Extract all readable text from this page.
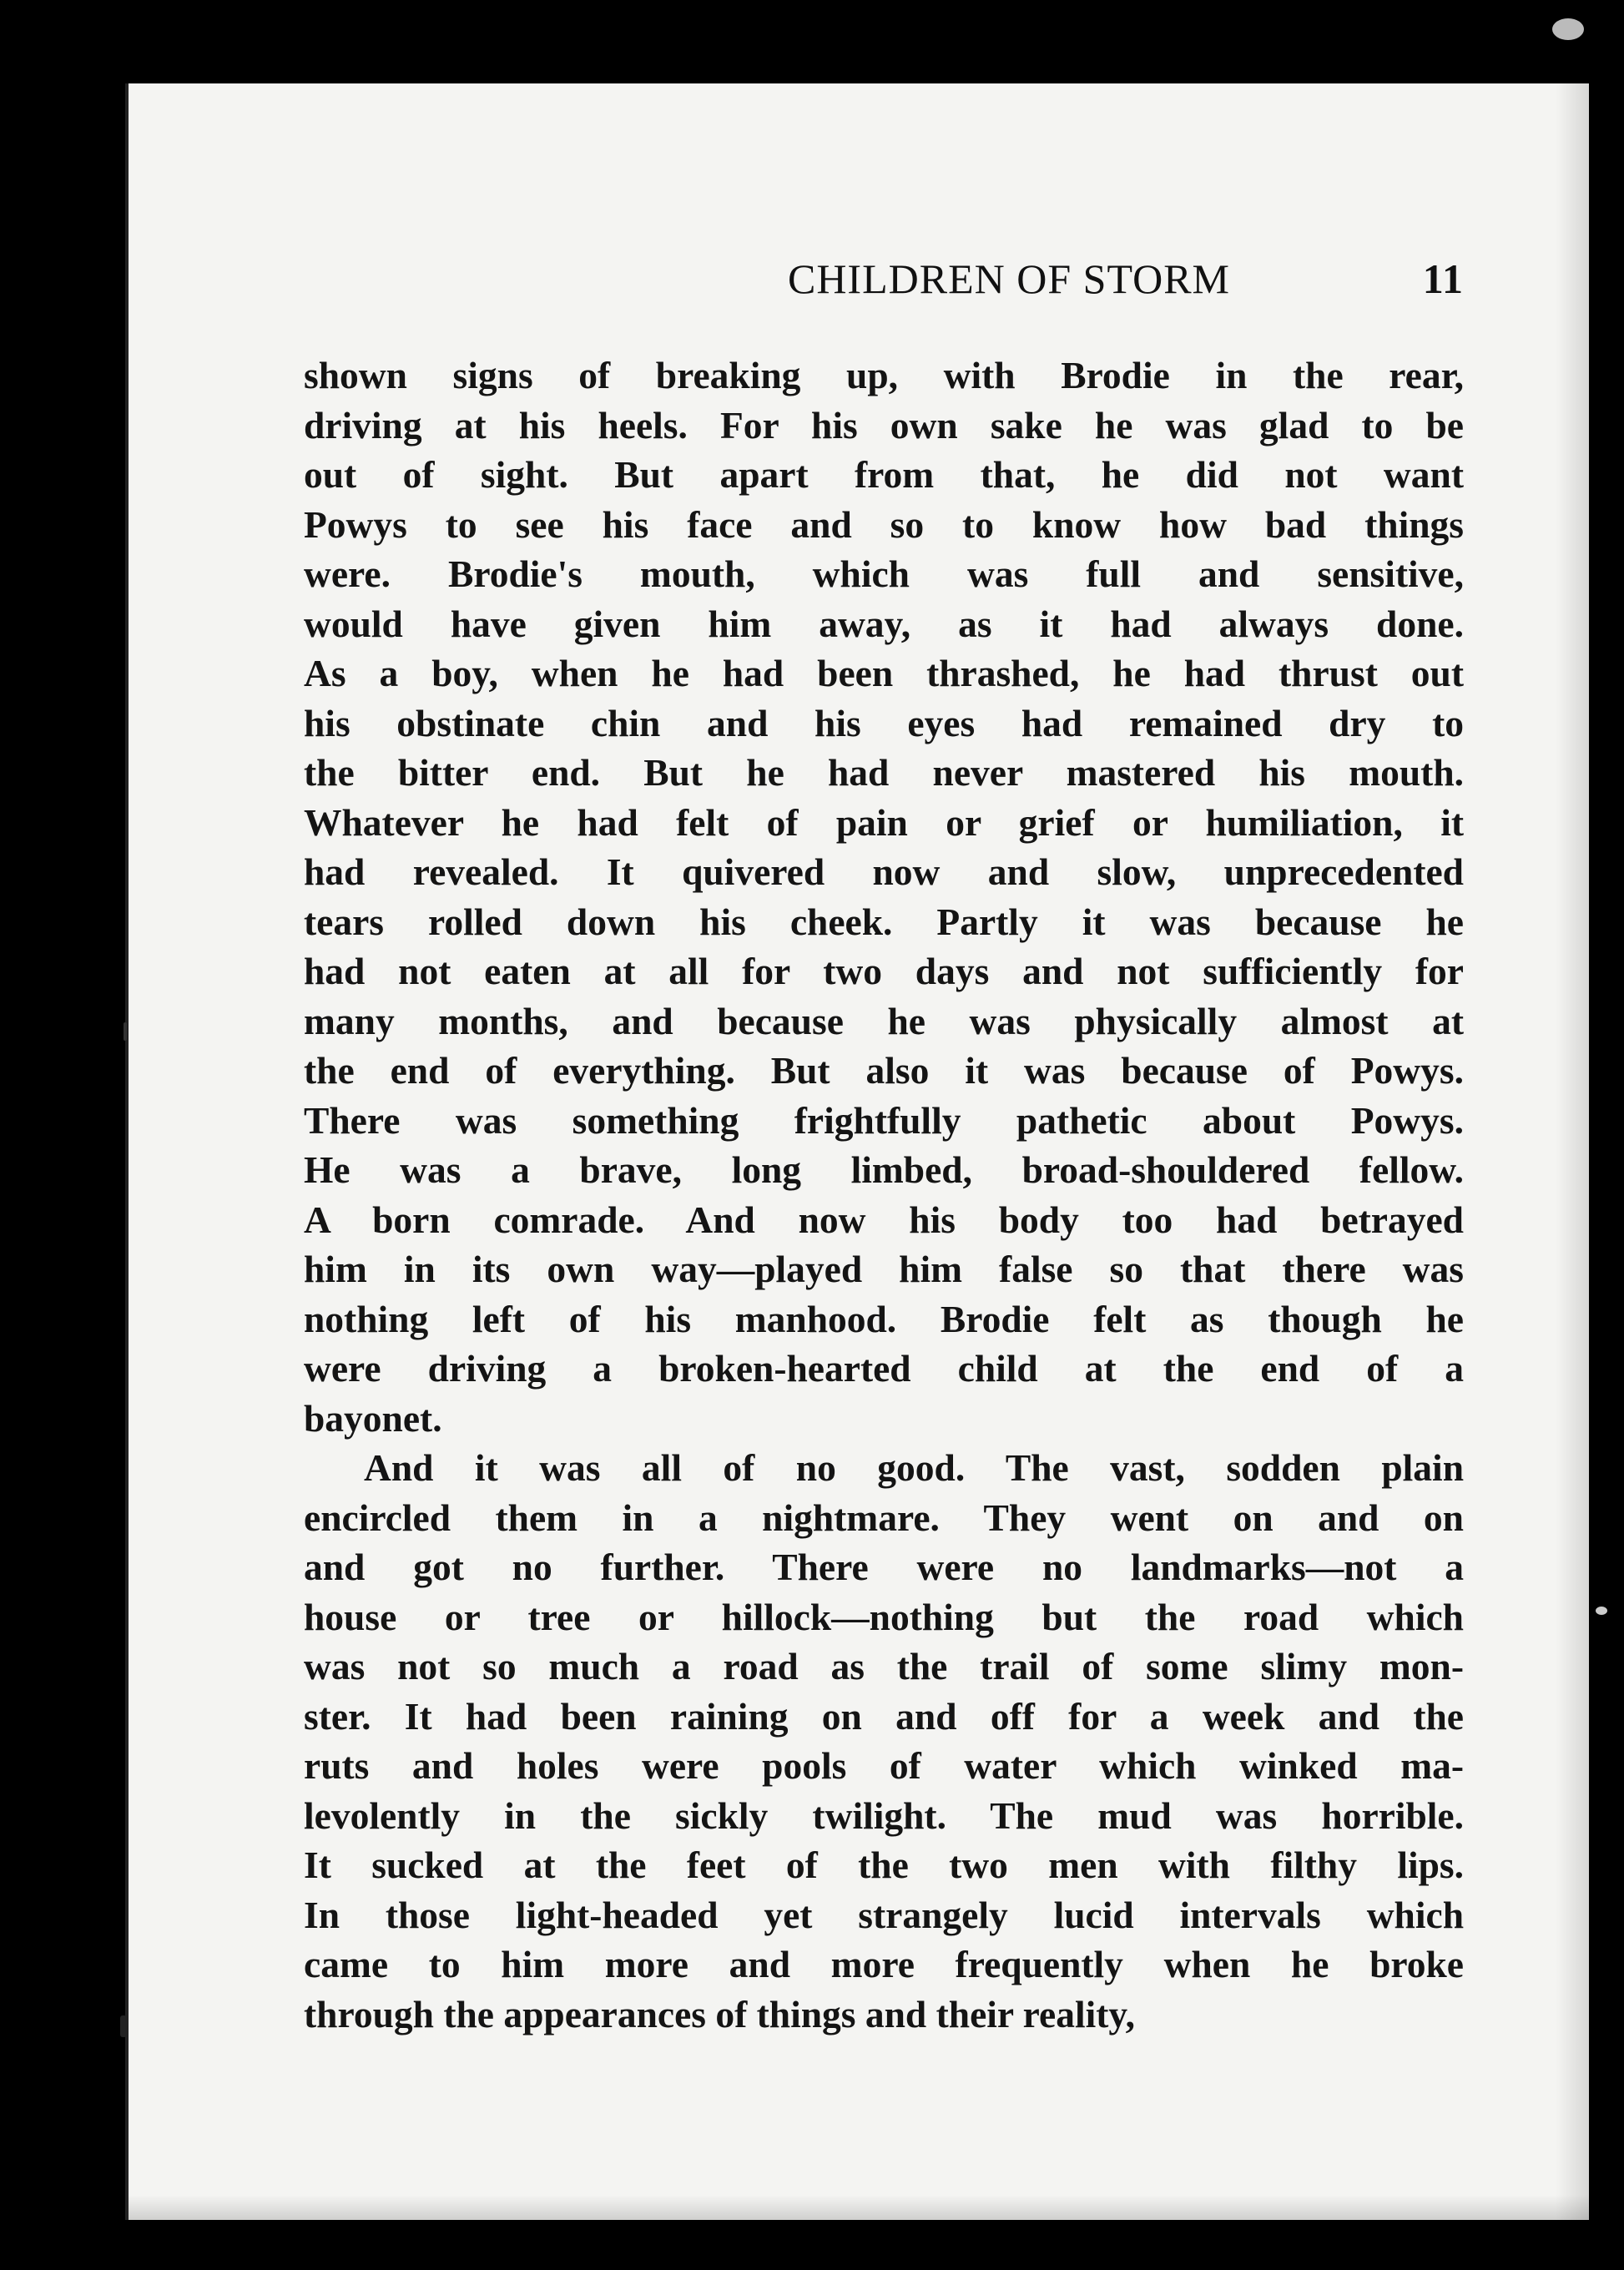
CHILDREN OF STORM	11

shown signs of breaking up, with Brodie in the rear,
driving at his heels. For his own sake he was glad to be
out of sight. But apart from that, he did not want
Powys to see his face and so to know how bad things
were. Brodie's mouth, which was full and sensitive,
would have given him away, as it had always done.
As a boy, when he had been thrashed, he had thrust out
his obstinate chin and his eyes had remained dry to
the bitter end. But he had never mastered his mouth.
Whatever he had felt of pain or grief or humiliation, it
had revealed. It quivered now and slow, unprecedented
tears rolled down his cheek. Partly it was because he
had not eaten at all for two days and not sufficiently for
many months, and because he was physically almost at
the end of everything. But also it was because of Powys.
There was something frightfully pathetic about Powys.
He was a brave, long limbed, broad-shouldered fellow.
A born comrade. And now his body too had betrayed
him in its own way—played him false so that there was
nothing left of his manhood. Brodie felt as though he
were driving a broken-hearted child at the end of a
bayonet.

And it was all of no good. The vast, sodden plain
encircled them in a nightmare. They went on and on
and got no further. There were no landmarks—not a
house or tree or hillock—nothing but the road which
was not so much a road as the trail of some slimy mon-
ster. It had been raining on and off for a week and the
ruts and holes were pools of water which winked ma-
levolently in the sickly twilight. The mud was horrible.
It sucked at the feet of the two men with filthy lips.
In those light-headed yet strangely lucid intervals which
came to him more and more frequently when he broke
through the appearances of things and their reality,
